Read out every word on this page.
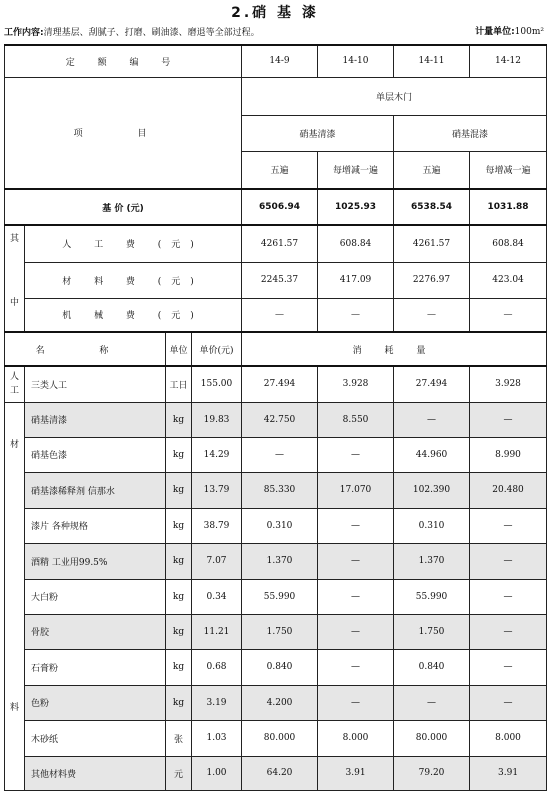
2.硝 基 漆
工作内容:清理基层、刮腻子、打磨、刷油漆、磨退等全部过程。	计量单位:100m²
定 额 编 号				14-9	14-10	14-11	14-12
项 目				单层木门			
				硝基清漆		硝基混漆	
				五遍	每增减一遍	五遍	每增减一遍
基 价 (元)				6506.94	1025.93	6538.54	1031.88

其
中	人 工 费 (元)			4261.57	608.84	4261.57	608.84
	材 料 费 (元)			2245.37	417.09	2276.97	423.04
	机 械 费 (元)			—	—	—	—
名 称		单位	单价(元)	消 耗 量			
人工	三类人工	工日	155.00	27.494	3.928	27.494	3.928

材
料	硝基清漆	kg	19.83	42.750	8.550	—	—
	硝基色漆	kg	14.29	—	—	44.960	8.990
	硝基漆稀释剂 信那水	kg	13.79	85.330	17.070	102.390	20.480
	漆片 各种规格	kg	38.79	0.310	—	0.310	—
	酒精 工业用99.5%	kg	7.07	1.370	—	1.370	—
	大白粉	kg	0.34	55.990	—	55.990	—
	骨胶	kg	11.21	1.750	—	1.750	—
	石膏粉	kg	0.68	0.840	—	0.840	—
	色粉	kg	3.19	4.200	—	—	—
	木砂纸	张	1.03	80.000	8.000	80.000	8.000
	其他材料费	元	1.00	64.20	3.91	79.20	3.91
